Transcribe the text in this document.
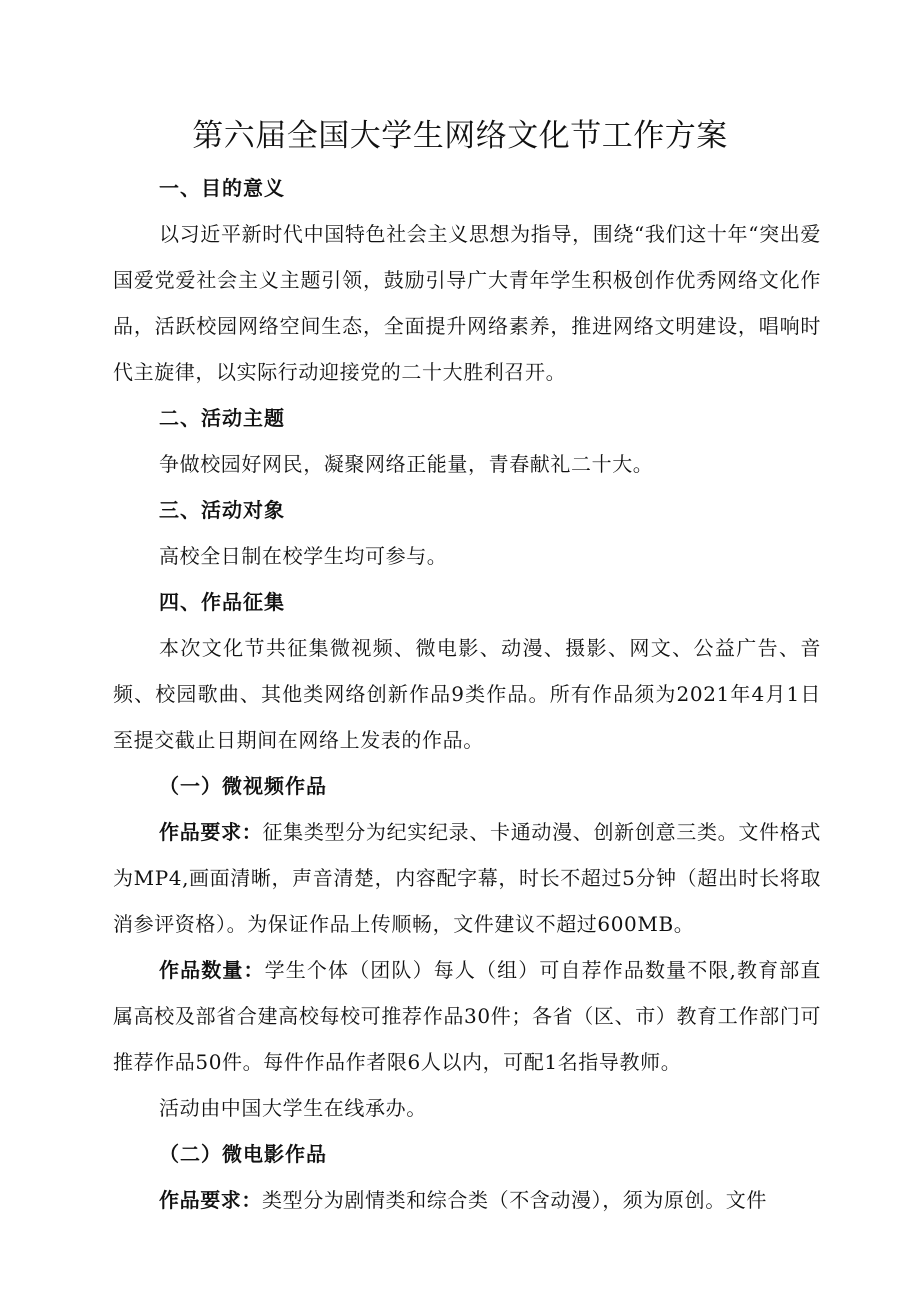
第六届全国大学生网络文化节工作方案

一、目的意义

以习近平新时代中国特色社会主义思想为指导，围绕“我们这十年“突出爱国爱党爱社会主义主题引领，鼓励引导广大青年学生积极创作优秀网络文化作品，活跃校园网络空间生态，全面提升网络素养，推进网络文明建设，唱响时代主旋律，以实际行动迎接党的二十大胜利召开。

二、活动主题

争做校园好网民，凝聚网络正能量，青春献礼二十大。

三、活动对象

高校全日制在校学生均可参与。

四、作品征集

本次文化节共征集微视频、微电影、动漫、摄影、网文、公益广告、音频、校园歌曲、其他类网络创新作品9类作品。所有作品须为2021年4月1日至提交截止日期间在网络上发表的作品。

（一）微视频作品

作品要求：征集类型分为纪实纪录、卡通动漫、创新创意三类。文件格式为MP4,画面清晰，声音清楚，内容配字幕，时长不超过5分钟（超出时长将取消参评资格）。为保证作品上传顺畅，文件建议不超过600MB。

作品数量：学生个体（团队）每人（组）可自荐作品数量不限,教育部直属高校及部省合建高校每校可推荐作品30件；各省（区、市）教育工作部门可推荐作品50件。每件作品作者限6人以内，可配1名指导教师。

活动由中国大学生在线承办。

（二）微电影作品

作品要求：类型分为剧情类和综合类（不含动漫），须为原创。文件
